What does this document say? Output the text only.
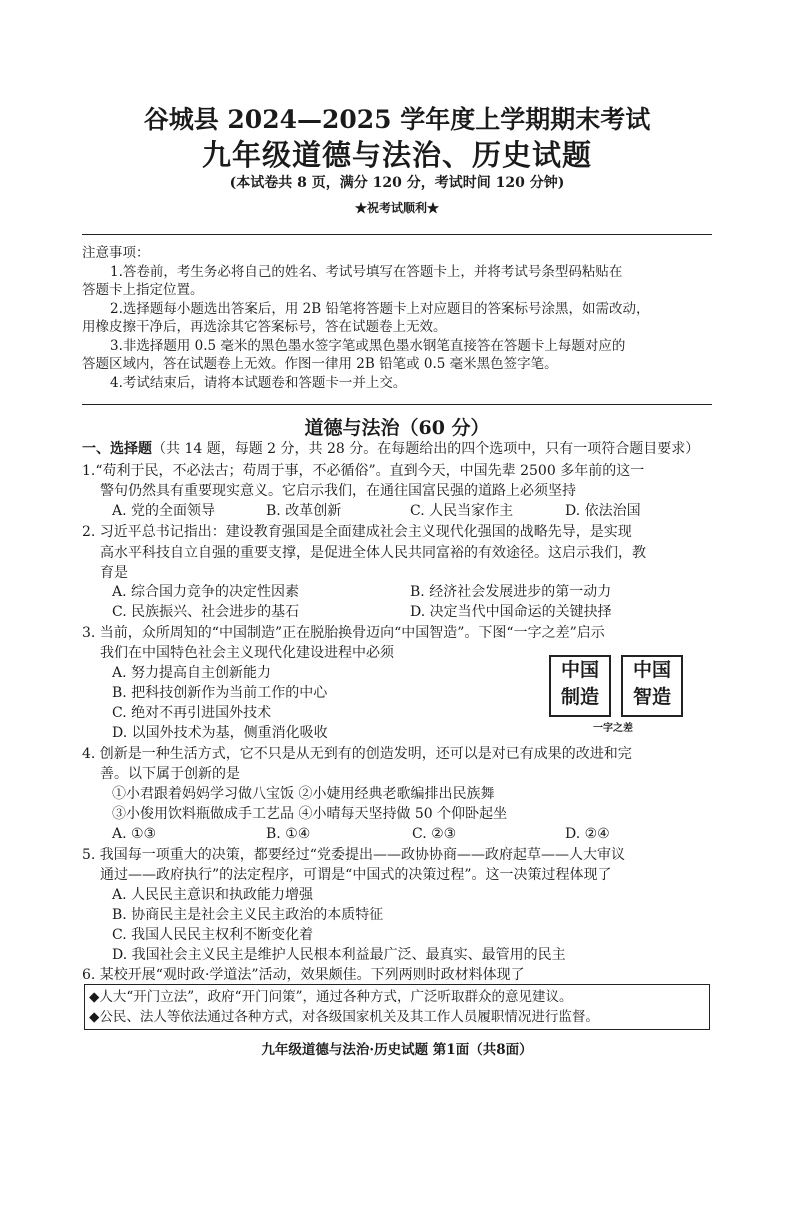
谷城县 2024—2025 学年度上学期期末考试
九年级道德与法治、历史试题
(本试卷共 8 页，满分 120 分，考试时间 120 分钟)
★祝考试顺利★
注意事项：
1.答卷前，考生务必将自己的姓名、考试号填写在答题卡上，并将考试号条型码粘贴在
答题卡上指定位置。
2.选择题每小题选出答案后，用 2B 铅笔将答题卡上对应题目的答案标号涂黑，如需改动，
用橡皮擦干净后，再选涂其它答案标号，答在试题卷上无效。
3.非选择题用 0.5 毫米的黑色墨水签字笔或黑色墨水钢笔直接答在答题卡上每题对应的
答题区域内，答在试题卷上无效。作图一律用 2B 铅笔或 0.5 毫米黑色签字笔。
4.考试结束后，请将本试题卷和答题卡一并上交。
道德与法治（60 分）
一、选择题（共 14 题，每题 2 分，共 28 分。在每题给出的四个选项中，只有一项符合题目要求）
1.“苟利于民，不必法古；苟周于事，不必循俗”。直到今天，中国先辈 2500 多年前的这一
警句仍然具有重要现实意义。它启示我们，在通往国富民强的道路上必须坚持
A. 党的全面领导	B. 改革创新	C. 人民当家作主	D. 依法治国
2. 习近平总书记指出：建设教育强国是全面建成社会主义现代化强国的战略先导，是实现
高水平科技自立自强的重要支撑，是促进全体人民共同富裕的有效途径。这启示我们，教
育是
A. 综合国力竞争的决定性因素	B. 经济社会发展进步的第一动力
C. 民族振兴、社会进步的基石	D. 决定当代中国命运的关键抉择
3. 当前，众所周知的“中国制造”正在脱胎换骨迈向“中国智造”。下图“一字之差”启示
我们在中国特色社会主义现代化建设进程中必须
A. 努力提高自主创新能力
B. 把科技创新作为当前工作的中心
C. 绝对不再引进国外技术
D. 以国外技术为基，侧重消化吸收
中国
制造
中国
智造
一字之差
4. 创新是一种生活方式，它不只是从无到有的创造发明，还可以是对已有成果的改进和完
善。以下属于创新的是
①小君跟着妈妈学习做八宝饭 ②小婕用经典老歌编排出民族舞
③小俊用饮料瓶做成手工艺品 ④小晴每天坚持做 50 个仰卧起坐
A. ①③	B. ①④	C. ②③	D. ②④
5. 我国每一项重大的决策，都要经过“党委提出——政协协商——政府起草——人大审议
通过——政府执行”的法定程序，可谓是“中国式的决策过程”。这一决策过程体现了
A. 人民民主意识和执政能力增强
B. 协商民主是社会主义民主政治的本质特征
C. 我国人民民主权利不断变化着
D. 我国社会主义民主是维护人民根本利益最广泛、最真实、最管用的民主
6. 某校开展“观时政·学道法”活动，效果颇佳。下列两则时政材料体现了
◆人大“开门立法”，政府“开门问策”，通过各种方式，广泛听取群众的意见建议。
◆公民、法人等依法通过各种方式，对各级国家机关及其工作人员履职情况进行监督。
九年级道德与法治·历史试题 第1面（共8面）
